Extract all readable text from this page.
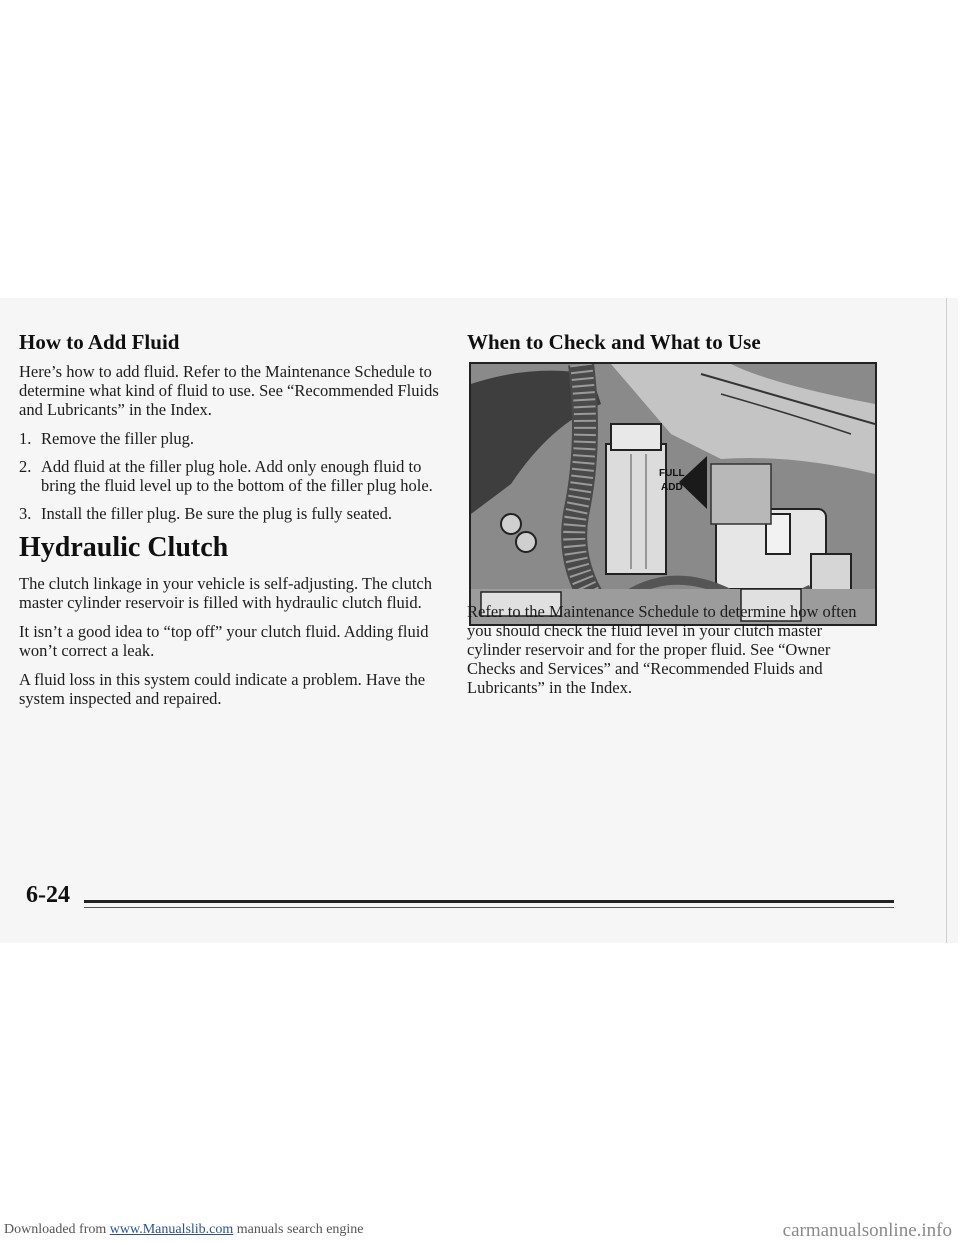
How to Add Fluid

Here’s how to add fluid. Refer to the Maintenance Schedule to determine what kind of fluid to use. See “Recommended Fluids and Lubricants” in the Index.

1. Remove the filler plug.
2. Add fluid at the filler plug hole. Add only enough fluid to bring the fluid level up to the bottom of the filler plug hole.
3. Install the filler plug. Be sure the plug is fully seated.
Hydraulic Clutch

The clutch linkage in your vehicle is self-adjusting. The clutch master cylinder reservoir is filled with hydraulic clutch fluid.

It isn’t a good idea to “top off” your clutch fluid. Adding fluid won’t correct a leak.

A fluid loss in this system could indicate a problem. Have the system inspected and repaired.

When to Check and What to Use
FULL
ADD

Refer to the Maintenance Schedule to determine how often you should check the fluid level in your clutch master cylinder reservoir and for the proper fluid. See “Owner Checks and Services” and “Recommended Fluids and Lubricants” in the Index.

6-24
Downloaded from www.Manualslib.com manuals search engine	carmanualsonline.info
